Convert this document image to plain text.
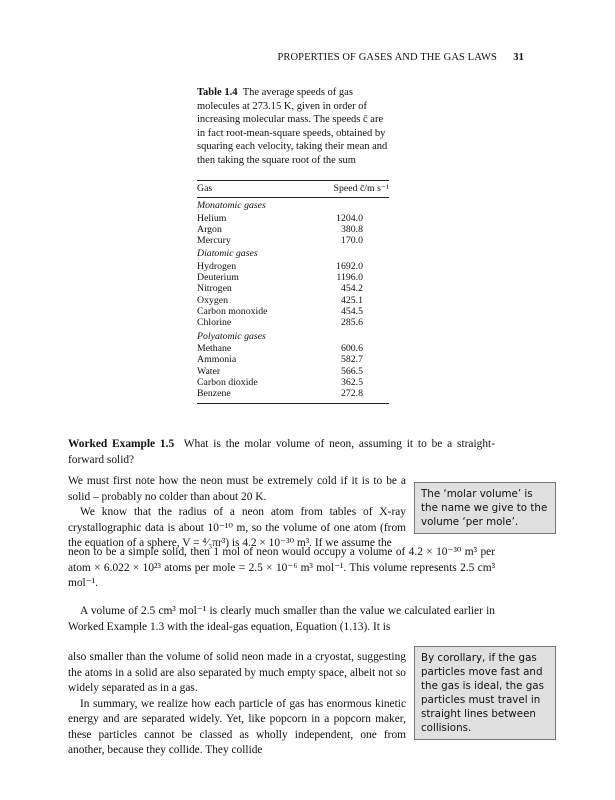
PROPERTIES OF GASES AND THE GAS LAWS 31
Table 1.4 The average speeds of gas molecules at 273.15 K, given in order of increasing molecular mass. The speeds c̄ are in fact root-mean-square speeds, obtained by squaring each velocity, taking their mean and then taking the square root of the sum
Gas	Speed c̄/m s⁻¹
Monatomic gases
Helium	1204.0
Argon	380.8
Mercury	170.0
Diatomic gases
Hydrogen	1692.0
Deuterium	1196.0
Nitrogen	454.2
Oxygen	425.1
Carbon monoxide	454.5
Chlorine	285.6
Polyatomic gases
Methane	600.6
Ammonia	582.7
Water	566.5
Carbon dioxide	362.5
Benzene	272.8

Worked Example 1.5 What is the molar volume of neon, assuming it to be a straight-forward solid?

We must first note how the neon must be extremely cold if it is to be a solid – probably no colder than about 20 K.

We know that the radius of a neon atom from tables of X-ray crystallographic data is about 10⁻¹⁰ m, so the volume of one atom (from the equation of a sphere, V = ⁴⁄₃πr³) is 4.2 × 10⁻³⁰ m³. If we assume the

neon to be a simple solid, then 1 mol of neon would occupy a volume of 4.2 × 10⁻³⁰ m³ per atom × 6.022 × 10²³ atoms per mole = 2.5 × 10⁻⁶ m³ mol⁻¹. This volume represents 2.5 cm³ mol⁻¹.

A volume of 2.5 cm³ mol⁻¹ is clearly much smaller than the value we calculated earlier in Worked Example 1.3 with the ideal-gas equation, Equation (1.13). It is

also smaller than the volume of solid neon made in a cryostat, suggesting the atoms in a solid are also separated by much empty space, albeit not so widely separated as in a gas.

In summary, we realize how each particle of gas has enormous kinetic energy and are separated widely. Yet, like popcorn in a popcorn maker, these particles cannot be classed as wholly independent, one from another, because they collide. They collide

The ‘molar volume’ is the name we give to the volume ‘per mole’.
By corollary, if the gas particles move fast and the gas is ideal, the gas particles must travel in straight lines between collisions.
